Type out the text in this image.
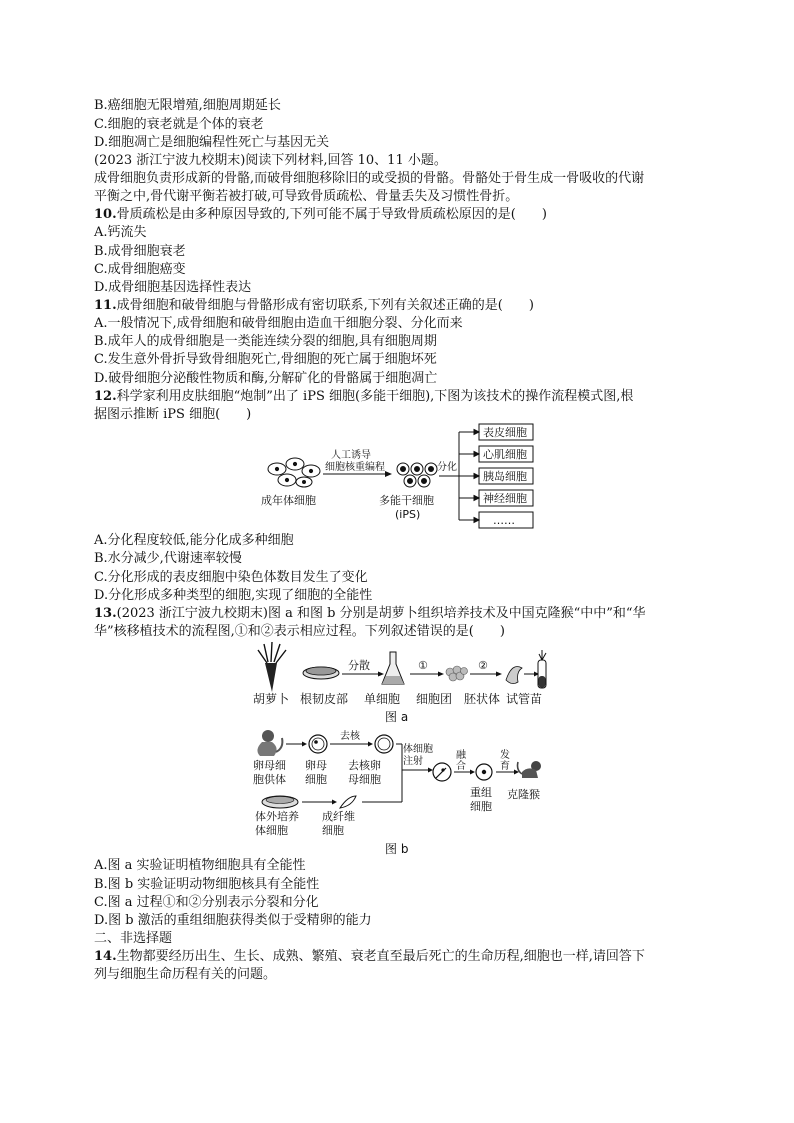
B.癌细胞无限增殖,细胞周期延长
C.细胞的衰老就是个体的衰老
D.细胞凋亡是细胞编程性死亡与基因无关
(2023 浙江宁波九校期末)阅读下列材料,回答 10、11 小题。
成骨细胞负责形成新的骨骼,而破骨细胞移除旧的或受损的骨骼。骨骼处于骨生成一骨吸收的代谢
平衡之中,骨代谢平衡若被打破,可导致骨质疏松、骨量丢失及习惯性骨折。
10.骨质疏松是由多种原因导致的,下列可能不属于导致骨质疏松原因的是(　　)
A.钙流失
B.成骨细胞衰老
C.成骨细胞癌变
D.成骨细胞基因选择性表达
11.成骨细胞和破骨细胞与骨骼形成有密切联系,下列有关叙述正确的是(　　)
A.一般情况下,成骨细胞和破骨细胞由造血干细胞分裂、分化而来
B.成年人的成骨细胞是一类能连续分裂的细胞,具有细胞周期
C.发生意外骨折导致骨细胞死亡,骨细胞的死亡属于细胞坏死
D.破骨细胞分泌酸性物质和酶,分解矿化的骨骼属于细胞凋亡
12.科学家利用皮肤细胞“炮制”出了 iPS 细胞(多能干细胞),下图为该技术的操作流程模式图,根
据图示推断 iPS 细胞(　　)
成年体细胞
人工诱导
细胞核重编程
多能干细胞
(iPS)
分化
表皮细胞
心肌细胞
胰岛细胞
神经细胞
……
A.分化程度较低,能分化成多种细胞
B.水分减少,代谢速率较慢
C.分化形成的表皮细胞中染色体数目发生了变化
D.分化形成多种类型的细胞,实现了细胞的全能性
13.(2023 浙江宁波九校期末)图 a 和图 b 分别是胡萝卜组织培养技术及中国克隆猴“中中”和“华
华”核移植技术的流程图,①和②表示相应过程。下列叙述错误的是(　　)
分散	①	②
胡萝卜 根韧皮部 单细胞 细胞团 胚状体 试管苗
图 a
去核
体细胞
注射
融
合
发
育
卵母细
胞供体
卵母
细胞
去核卵
母细胞
重组
细胞
克隆猴
体外培养
体细胞
成纤维
细胞
图 b
A.图 a 实验证明植物细胞具有全能性
B.图 b 实验证明动物细胞核具有全能性
C.图 a 过程①和②分别表示分裂和分化
D.图 b 激活的重组细胞获得类似于受精卵的能力
二、非选择题
14.生物都要经历出生、生长、成熟、繁殖、衰老直至最后死亡的生命历程,细胞也一样,请回答下
列与细胞生命历程有关的问题。
